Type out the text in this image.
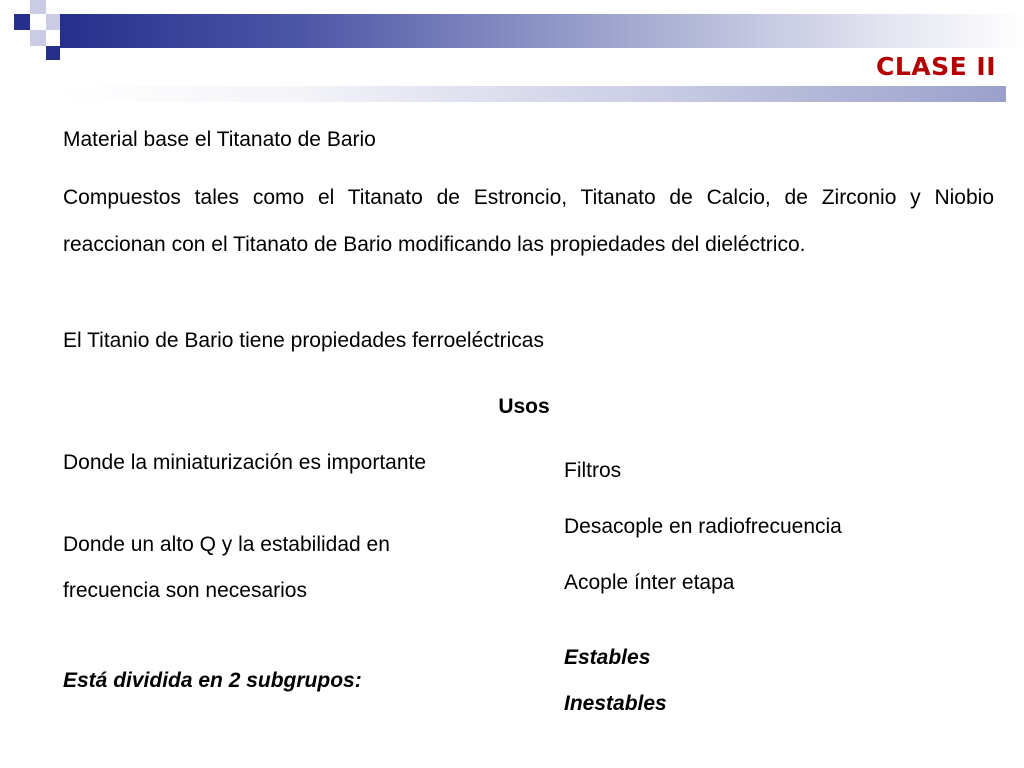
CLASE II
Material base el Titanato de Bario
Compuestos tales como el Titanato de Estroncio, Titanato de Calcio, de Zirconio y Niobio reaccionan con el Titanato de Bario modificando las propiedades del dieléctrico.
El Titanio de Bario tiene propiedades ferroeléctricas
Usos
Donde la miniaturización es importante
Donde un alto Q y la estabilidad en frecuencia son necesarios
Filtros
Desacople en radiofrecuencia
Acople ínter etapa
Está dividida en 2 subgrupos:
Estables
Inestables
